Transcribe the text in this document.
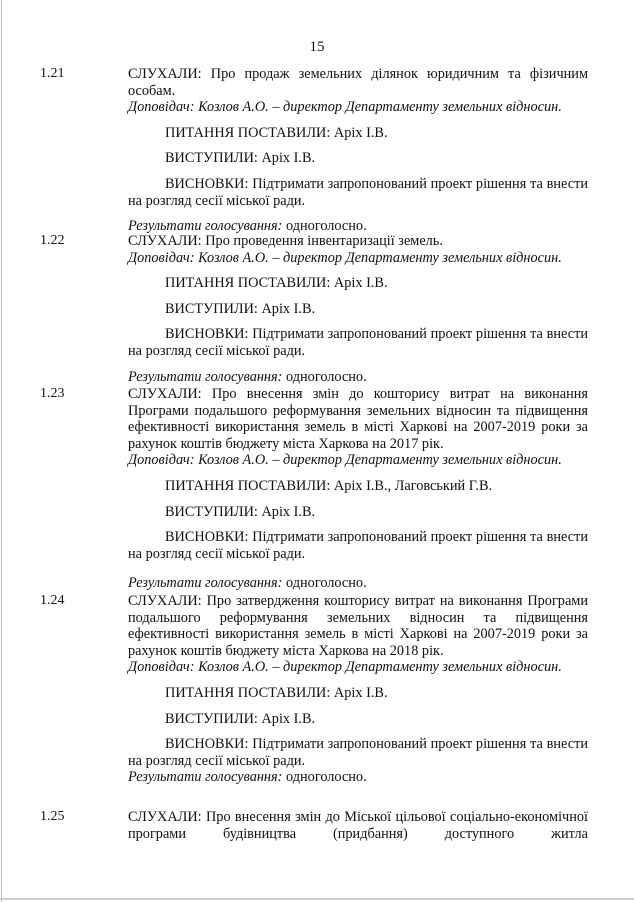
15
1.21	СЛУХАЛИ: Про продаж земельних ділянок юридичним та фізичним особам.

Доповідач: Козлов А.О. – директор Департаменту земельних відносин.

ПИТАННЯ ПОСТАВИЛИ: Аріх І.В.

ВИСТУПИЛИ: Аріх І.В.

ВИСНОВКИ: Підтримати запропонований проект рішення та внести на розгляд сесії міської ради.

Результати голосування: одноголосно.

1.22	СЛУХАЛИ: Про проведення інвентаризації земель.

Доповідач: Козлов А.О. – директор Департаменту земельних відносин.

ПИТАННЯ ПОСТАВИЛИ: Аріх І.В.

ВИСТУПИЛИ: Аріх І.В.

ВИСНОВКИ: Підтримати запропонований проект рішення та внести на розгляд сесії міської ради.

Результати голосування: одноголосно.

1.23	СЛУХАЛИ: Про внесення змін до кошторису витрат на виконання Програми подальшого реформування земельних відносин та підвищення ефективності використання земель в місті Харкові на 2007-2019 роки за рахунок коштів бюджету міста Харкова на 2017 рік.

Доповідач: Козлов А.О. – директор Департаменту земельних відносин.

ПИТАННЯ ПОСТАВИЛИ: Аріх І.В., Лаговський Г.В.

ВИСТУПИЛИ: Аріх І.В.

ВИСНОВКИ: Підтримати запропонований проект рішення та внести на розгляд сесії міської ради.

Результати голосування: одноголосно.

1.24	СЛУХАЛИ: Про затвердження кошторису витрат на виконання Програми подальшого реформування земельних відносин та підвищення ефективності використання земель в місті Харкові на 2007-2019 роки за рахунок коштів бюджету міста Харкова на 2018 рік.

Доповідач: Козлов А.О. – директор Департаменту земельних відносин.

ПИТАННЯ ПОСТАВИЛИ: Аріх І.В.

ВИСТУПИЛИ: Аріх І.В.

ВИСНОВКИ: Підтримати запропонований проект рішення та внести на розгляд сесії міської ради.

Результати голосування: одноголосно.

1.25	СЛУХАЛИ: Про внесення змін до Міської цільової соціально-економічної програми будівництва (придбання) доступного житла
